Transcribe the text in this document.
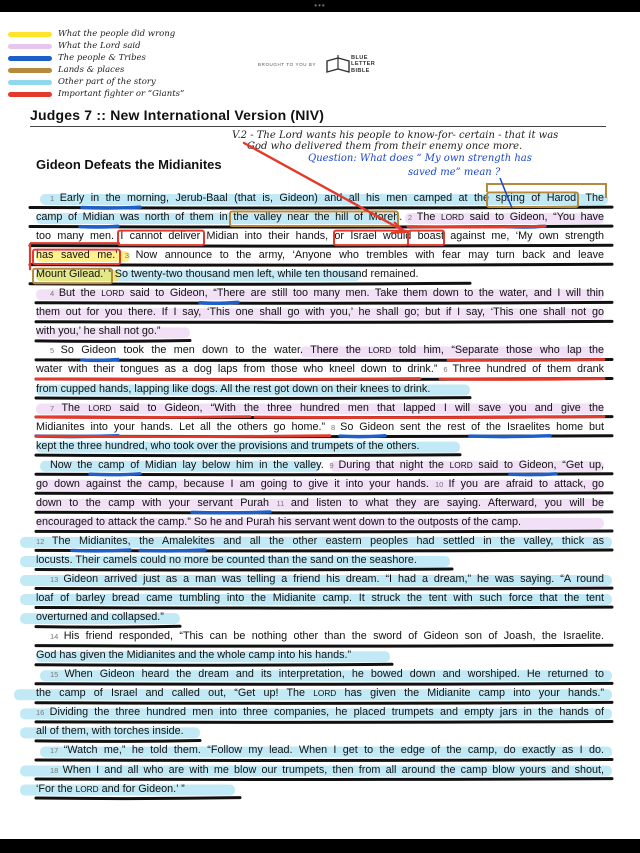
•••
What the people did wrong
What the Lord said
The people & Tribes
Lands & places
Other part of the story
Important fighter or “Giants”
BROUGHT TO YOU BY
BLUE
LETTER
BIBLE
Judges 7 :: New International Version (NIV)
V.2 - The Lord wants his people to know-for- certain - that it was
God who delivered them from their enemy once more.
Question: What does “ My own strength has
saved me” mean ?
Gideon Defeats the Midianites
1 Early in the morning, Jerub-Baal (that is, Gideon) and all his men camped at the spring of Harod. The
camp of Midian was north of them in the valley near the hill of Moreh. 2 The LORD said to Gideon, “You have
too many men. I cannot deliver Midian into their hands, or Israel would boast against me, ‘My own strength
has saved me.’ 3 Now announce to the army, ‘Anyone who trembles with fear may turn back and leave
Mount Gilead.’ ” So twenty-two thousand men left, while ten thousand remained.
4 But the LORD said to Gideon, “There are still too many men. Take them down to the water, and I will thin
them out for you there. If I say, ‘This one shall go with you,’ he shall go; but if I say, ‘This one shall not go
with you,’ he shall not go.”
5 So Gideon took the men down to the water. There the LORD told him, “Separate those who lap the
water with their tongues as a dog laps from those who kneel down to drink.” 6 Three hundred of them drank
from cupped hands, lapping like dogs. All the rest got down on their knees to drink.
7 The LORD said to Gideon, “With the three hundred men that lapped I will save you and give the
Midianites into your hands. Let all the others go home.” 8 So Gideon sent the rest of the Israelites home but
kept the three hundred, who took over the provisions and trumpets of the others.
Now the camp of Midian lay below him in the valley. 9 During that night the LORD said to Gideon, “Get up,
go down against the camp, because I am going to give it into your hands. 10 If you are afraid to attack, go
down to the camp with your servant Purah 11 and listen to what they are saying. Afterward, you will be
encouraged to attack the camp.” So he and Purah his servant went down to the outposts of the camp.
12 The Midianites, the Amalekites and all the other eastern peoples had settled in the valley, thick as
locusts. Their camels could no more be counted than the sand on the seashore.
13 Gideon arrived just as a man was telling a friend his dream. “I had a dream,” he was saying. “A round
loaf of barley bread came tumbling into the Midianite camp. It struck the tent with such force that the tent
overturned and collapsed.”
14 His friend responded, “This can be nothing other than the sword of Gideon son of Joash, the Israelite.
God has given the Midianites and the whole camp into his hands.”
15 When Gideon heard the dream and its interpretation, he bowed down and worshiped. He returned to
the camp of Israel and called out, “Get up! The LORD has given the Midianite camp into your hands.”
16 Dividing the three hundred men into three companies, he placed trumpets and empty jars in the hands of
all of them, with torches inside.
17 “Watch me,” he told them. “Follow my lead. When I get to the edge of the camp, do exactly as I do.
18 When I and all who are with me blow our trumpets, then from all around the camp blow yours and shout,
‘For the LORD and for Gideon.’ ”
